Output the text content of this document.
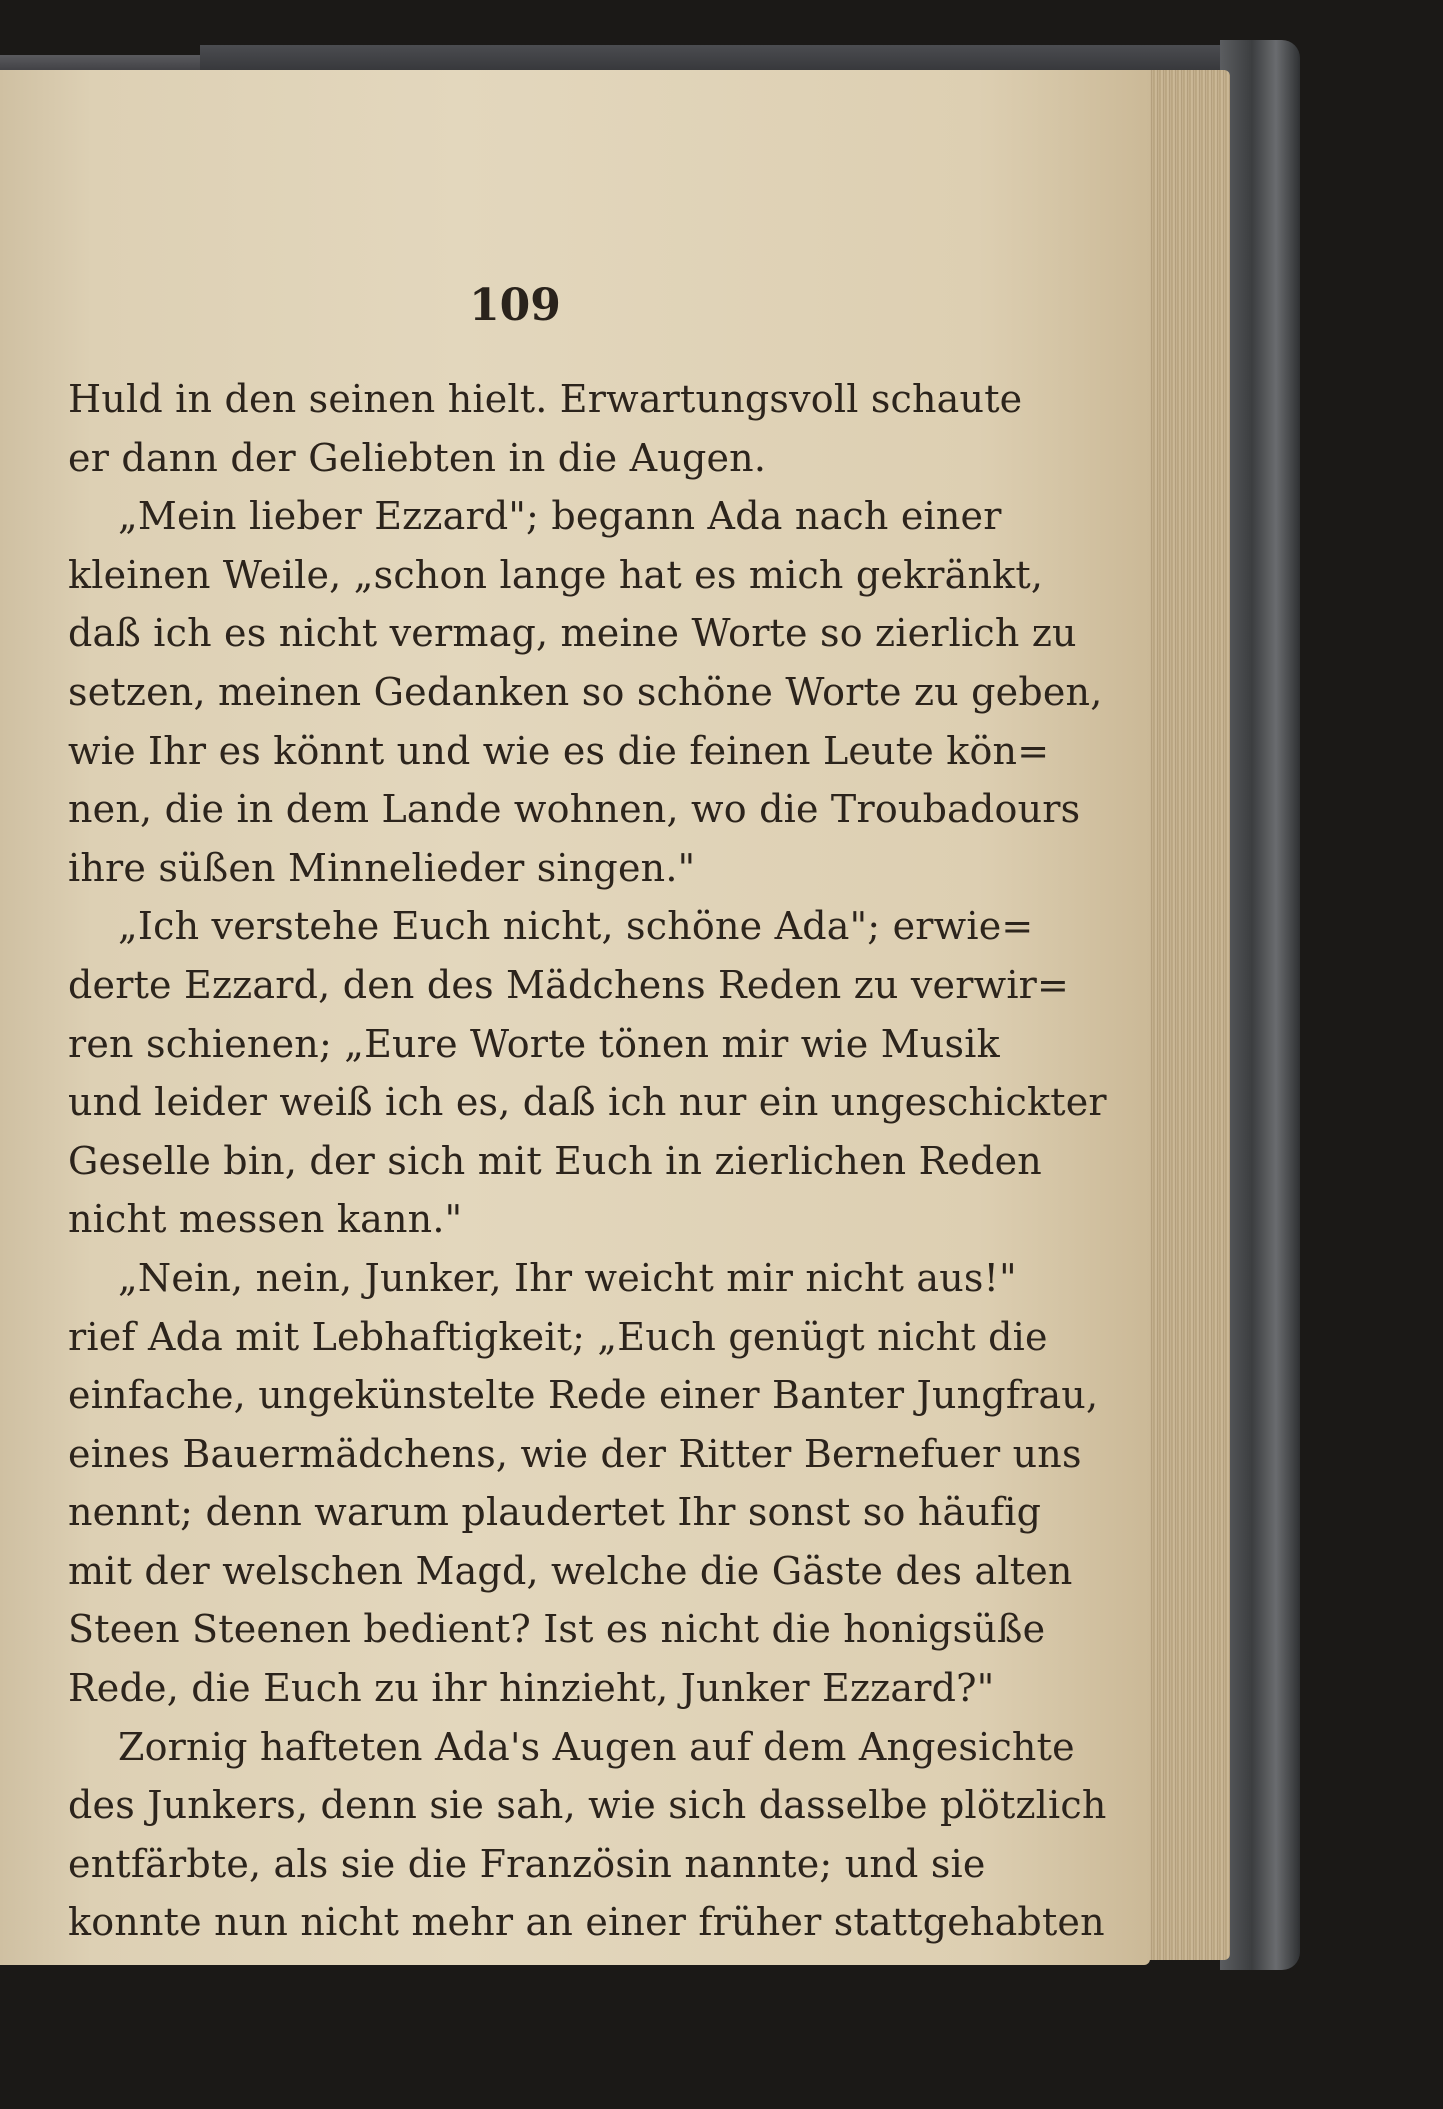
109
Huld in den seinen hielt. Erwartungsvoll schaute
er dann der Geliebten in die Augen.
„Mein lieber Ezzard"; begann Ada nach einer
kleinen Weile, „schon lange hat es mich gekränkt,
daß ich es nicht vermag, meine Worte so zierlich zu
setzen, meinen Gedanken so schöne Worte zu geben,
wie Ihr es könnt und wie es die feinen Leute kön=
nen, die in dem Lande wohnen, wo die Troubadours
ihre süßen Minnelieder singen."
„Ich verstehe Euch nicht, schöne Ada"; erwie=
derte Ezzard, den des Mädchens Reden zu verwir=
ren schienen; „Eure Worte tönen mir wie Musik
und leider weiß ich es, daß ich nur ein ungeschickter
Geselle bin, der sich mit Euch in zierlichen Reden
nicht messen kann."
„Nein, nein, Junker, Ihr weicht mir nicht aus!"
rief Ada mit Lebhaftigkeit; „Euch genügt nicht die
einfache, ungekünstelte Rede einer Banter Jungfrau,
eines Bauermädchens, wie der Ritter Bernefuer uns
nennt; denn warum plaudertet Ihr sonst so häufig
mit der welschen Magd, welche die Gäste des alten
Steen Steenen bedient? Ist es nicht die honigsüße
Rede, die Euch zu ihr hinzieht, Junker Ezzard?"
Zornig hafteten Ada's Augen auf dem Angesichte
des Junkers, denn sie sah, wie sich dasselbe plötzlich
entfärbte, als sie die Französin nannte; und sie
konnte nun nicht mehr an einer früher stattgehabten
